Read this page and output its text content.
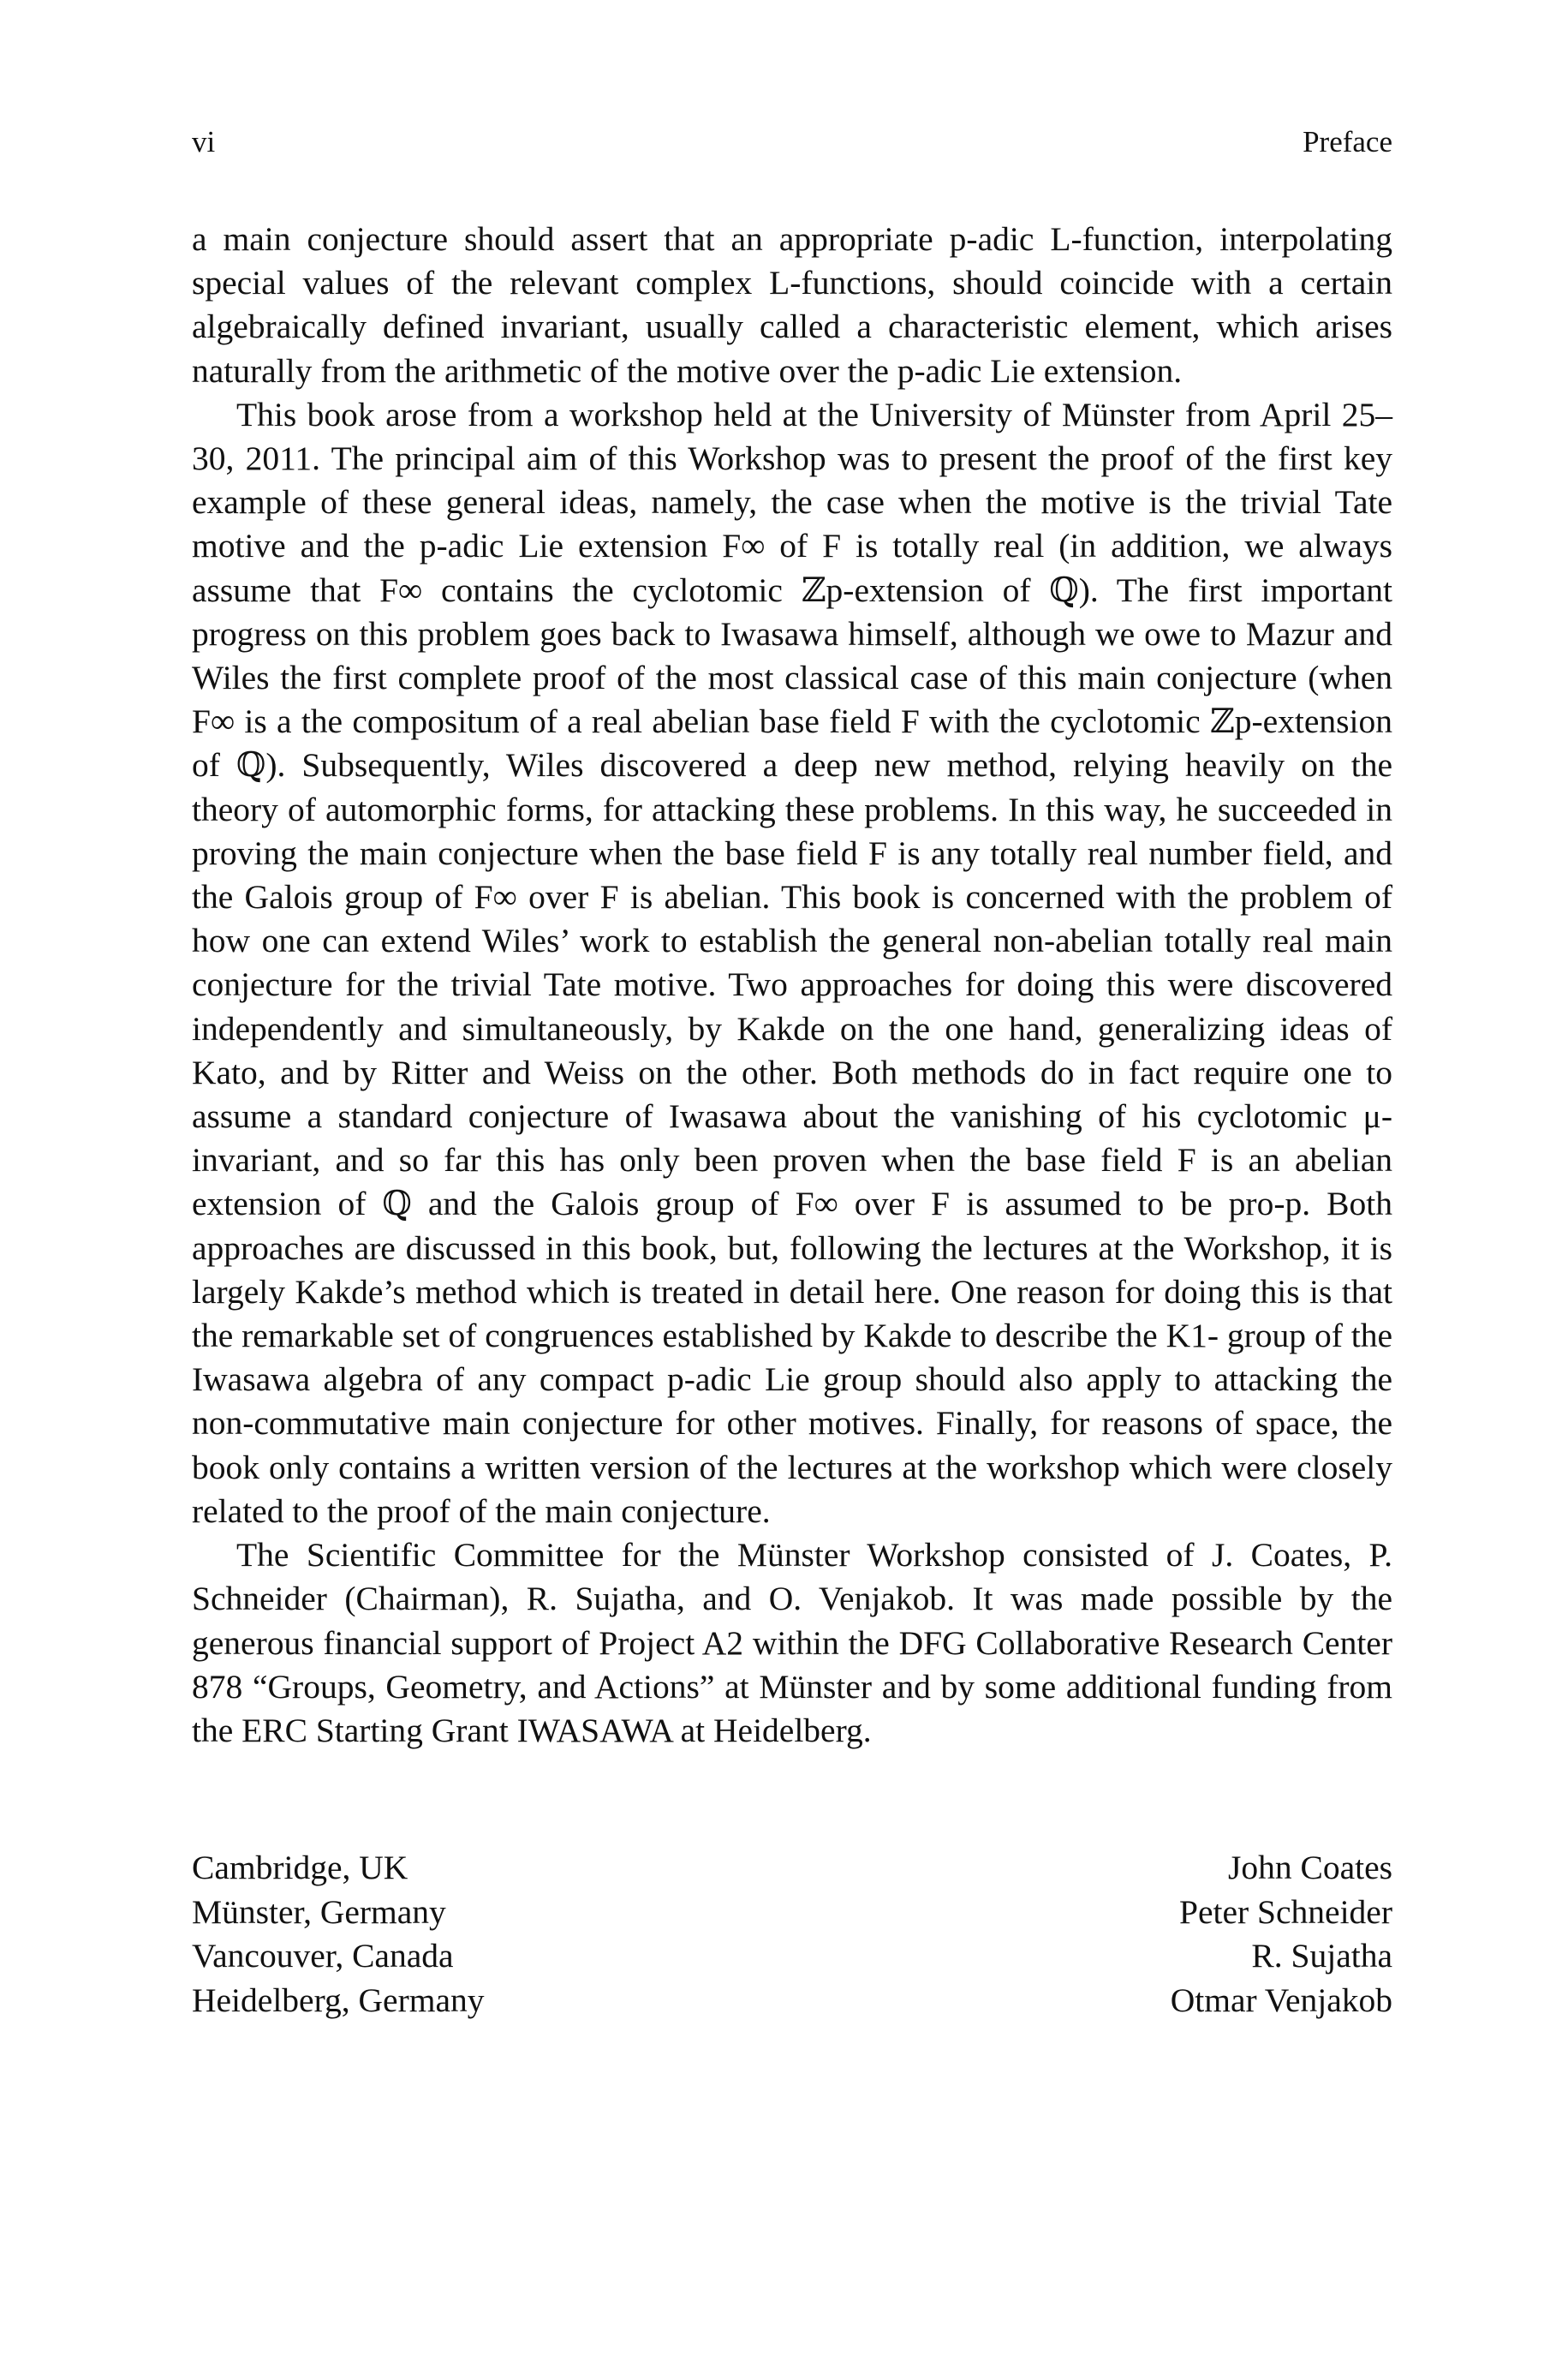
vi	Preface

a main conjecture should assert that an appropriate p-adic L-function, interpolating special values of the relevant complex L-functions, should coincide with a certain algebraically defined invariant, usually called a characteristic element, which arises naturally from the arithmetic of the motive over the p-adic Lie extension.

This book arose from a workshop held at the University of Münster from April 25–30, 2011. The principal aim of this Workshop was to present the proof of the first key example of these general ideas, namely, the case when the motive is the trivial Tate motive and the p-adic Lie extension F∞ of F is totally real (in addition, we always assume that F∞ contains the cyclotomic ℤp-extension of ℚ). The first important progress on this problem goes back to Iwasawa himself, although we owe to Mazur and Wiles the first complete proof of the most classical case of this main conjecture (when F∞ is a the compositum of a real abelian base field F with the cyclotomic ℤp-extension of ℚ). Subsequently, Wiles discovered a deep new method, relying heavily on the theory of automorphic forms, for attacking these problems. In this way, he succeeded in proving the main conjecture when the base field F is any totally real number field, and the Galois group of F∞ over F is abelian. This book is concerned with the problem of how one can extend Wiles’ work to establish the general non-abelian totally real main conjecture for the trivial Tate motive. Two approaches for doing this were discovered independently and simultaneously, by Kakde on the one hand, generalizing ideas of Kato, and by Ritter and Weiss on the other. Both methods do in fact require one to assume a standard conjecture of Iwasawa about the vanishing of his cyclotomic μ-invariant, and so far this has only been proven when the base field F is an abelian extension of ℚ and the Galois group of F∞ over F is assumed to be pro-p. Both approaches are discussed in this book, but, following the lectures at the Workshop, it is largely Kakde’s method which is treated in detail here. One reason for doing this is that the remarkable set of congruences established by Kakde to describe the K1- group of the Iwasawa algebra of any compact p-adic Lie group should also apply to attacking the non-commutative main conjecture for other motives. Finally, for reasons of space, the book only contains a written version of the lectures at the workshop which were closely related to the proof of the main conjecture.

The Scientific Committee for the Münster Workshop consisted of J. Coates, P. Schneider (Chairman), R. Sujatha, and O. Venjakob. It was made possible by the generous financial support of Project A2 within the DFG Collaborative Research Center 878 “Groups, Geometry, and Actions” at Münster and by some additional funding from the ERC Starting Grant IWASAWA at Heidelberg.

Cambridge, UK
Münster, Germany
Vancouver, Canada
Heidelberg, Germany
John Coates
Peter Schneider
R. Sujatha
Otmar Venjakob
